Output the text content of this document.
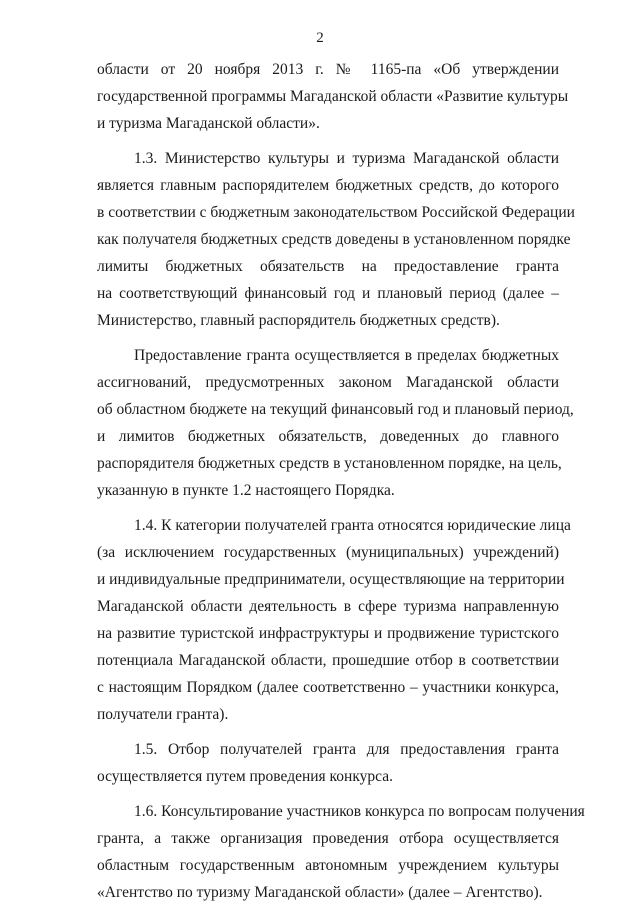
2
области от 20 ноября 2013 г. № 1165-па «Об утверждении
государственной программы Магаданской области «Развитие культуры
и туризма Магаданской области».
1.3. Министерство культуры и туризма Магаданской области
является главным распорядителем бюджетных средств, до которого
в соответствии с бюджетным законодательством Российской Федерации
как получателя бюджетных средств доведены в установленном порядке
лимиты бюджетных обязательств на предоставление гранта
на соответствующий финансовый год и плановый период (далее –
Министерство, главный распорядитель бюджетных средств).
Предоставление гранта осуществляется в пределах бюджетных
ассигнований, предусмотренных законом Магаданской области
об областном бюджете на текущий финансовый год и плановый период,
и лимитов бюджетных обязательств, доведенных до главного
распорядителя бюджетных средств в установленном порядке, на цель,
указанную в пункте 1.2 настоящего Порядка.
1.4. К категории получателей гранта относятся юридические лица
(за исключением государственных (муниципальных) учреждений)
и индивидуальные предприниматели, осуществляющие на территории
Магаданской области деятельность в сфере туризма направленную
на развитие туристской инфраструктуры и продвижение туристского
потенциала Магаданской области, прошедшие отбор в соответствии
с настоящим Порядком (далее соответственно – участники конкурса,
получатели гранта).
1.5. Отбор получателей гранта для предоставления гранта
осуществляется путем проведения конкурса.
1.6. Консультирование участников конкурса по вопросам получения
гранта, а также организация проведения отбора осуществляется
областным государственным автономным учреждением культуры
«Агентство по туризму Магаданской области» (далее – Агентство).
